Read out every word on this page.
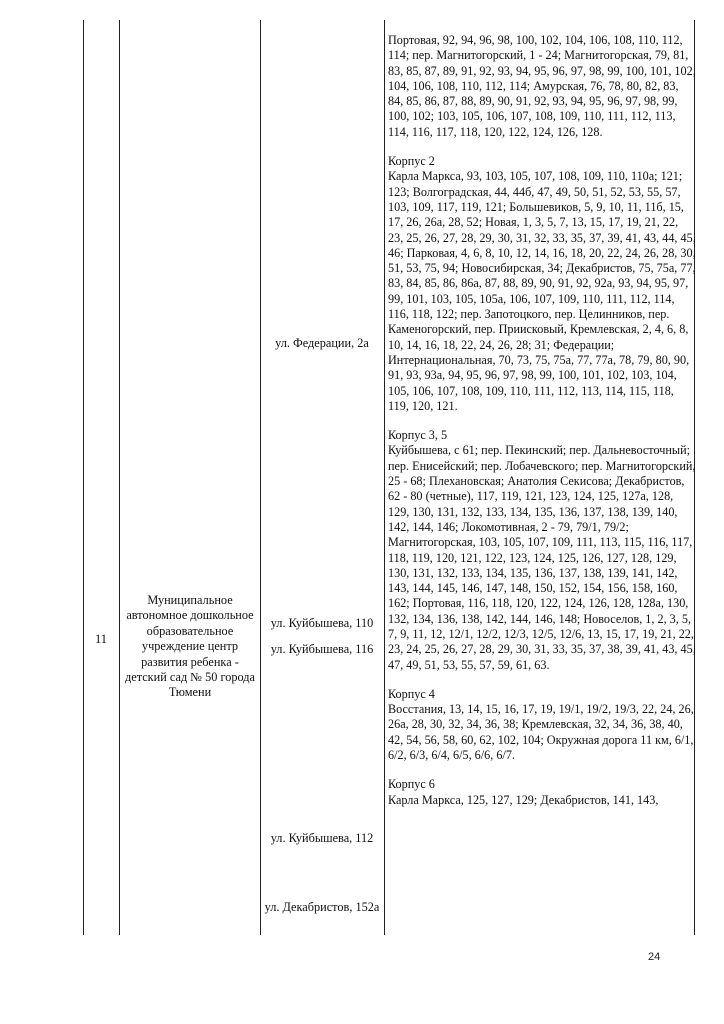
11
Муниципальное автономное дошкольное образовательное учреждение центр развития ребенка - детский сад № 50 города Тюмени
ул. Федерации, 2а
ул. Куйбышева, 110
ул. Куйбышева, 116
ул. Куйбышева, 112
ул. Декабристов, 152а

Портовая, 92, 94, 96, 98, 100, 102, 104, 106, 108, 110, 112, 114; пер. Магнитогорский, 1 - 24; Магнитогорская, 79, 81, 83, 85, 87, 89, 91, 92, 93, 94, 95, 96, 97, 98, 99, 100, 101, 102, 104, 106, 108, 110, 112, 114; Амурская, 76, 78, 80, 82, 83, 84, 85, 86, 87, 88, 89, 90, 91, 92, 93, 94, 95, 96, 97, 98, 99, 100, 102; 103, 105, 106, 107, 108, 109, 110, 111, 112, 113, 114, 116, 117, 118, 120, 122, 124, 126, 128.

Корпус 2
Карла Маркса, 93, 103, 105, 107, 108, 109, 110, 110а; 121; 123; Волгоградская, 44, 44б, 47, 49, 50, 51, 52, 53, 55, 57, 103, 109, 117, 119, 121; Большевиков, 5, 9, 10, 11, 11б, 15, 17, 26, 26а, 28, 52; Новая, 1, 3, 5, 7, 13, 15, 17, 19, 21, 22, 23, 25, 26, 27, 28, 29, 30, 31, 32, 33, 35, 37, 39, 41, 43, 44, 45, 46; Парковая, 4, 6, 8, 10, 12, 14, 16, 18, 20, 22, 24, 26, 28, 30, 51, 53, 75, 94; Новосибирская, 34; Декабристов, 75, 75а, 77, 83, 84, 85, 86, 86а, 87, 88, 89, 90, 91, 92, 92а, 93, 94, 95, 97, 99, 101, 103, 105, 105а, 106, 107, 109, 110, 111, 112, 114, 116, 118, 122; пер. Запотоцкого, пер. Целинников, пер. Каменогорский, пер. Приисковый, Кремлевская, 2, 4, 6, 8, 10, 14, 16, 18, 22, 24, 26, 28; 31; Федерации; Интернациональная, 70, 73, 75, 75а, 77, 77а, 78, 79, 80, 90, 91, 93, 93а, 94, 95, 96, 97, 98, 99, 100, 101, 102, 103, 104, 105, 106, 107, 108, 109, 110, 111, 112, 113, 114, 115, 118, 119, 120, 121.

Корпус 3, 5
Куйбышева, с 61; пер. Пекинский; пер. Дальневосточный; пер. Енисейский; пер. Лобачевского; пер. Магнитогорский, 25 - 68; Плехановская; Анатолия Секисова; Декабристов, 62 - 80 (четные), 117, 119, 121, 123, 124, 125, 127а, 128, 129, 130, 131, 132, 133, 134, 135, 136, 137, 138, 139, 140, 142, 144, 146; Локомотивная, 2 - 79, 79/1, 79/2; Магнитогорская, 103, 105, 107, 109, 111, 113, 115, 116, 117, 118, 119, 120, 121, 122, 123, 124, 125, 126, 127, 128, 129, 130, 131, 132, 133, 134, 135, 136, 137, 138, 139, 141, 142, 143, 144, 145, 146, 147, 148, 150, 152, 154, 156, 158, 160, 162; Портовая, 116, 118, 120, 122, 124, 126, 128, 128а, 130, 132, 134, 136, 138, 142, 144, 146, 148; Новоселов, 1, 2, 3, 5, 7, 9, 11, 12, 12/1, 12/2, 12/3, 12/5, 12/6, 13, 15, 17, 19, 21, 22, 23, 24, 25, 26, 27, 28, 29, 30, 31, 33, 35, 37, 38, 39, 41, 43, 45, 47, 49, 51, 53, 55, 57, 59, 61, 63.

Корпус 4
Восстания, 13, 14, 15, 16, 17, 19, 19/1, 19/2, 19/3, 22, 24, 26, 26а, 28, 30, 32, 34, 36, 38; Кремлевская, 32, 34, 36, 38, 40, 42, 54, 56, 58, 60, 62, 102, 104; Окружная дорога 11 км, 6/1, 6/2, 6/3, 6/4, 6/5, 6/6, 6/7.

Корпус 6
Карла Маркса, 125, 127, 129; Декабристов, 141, 143,

24
